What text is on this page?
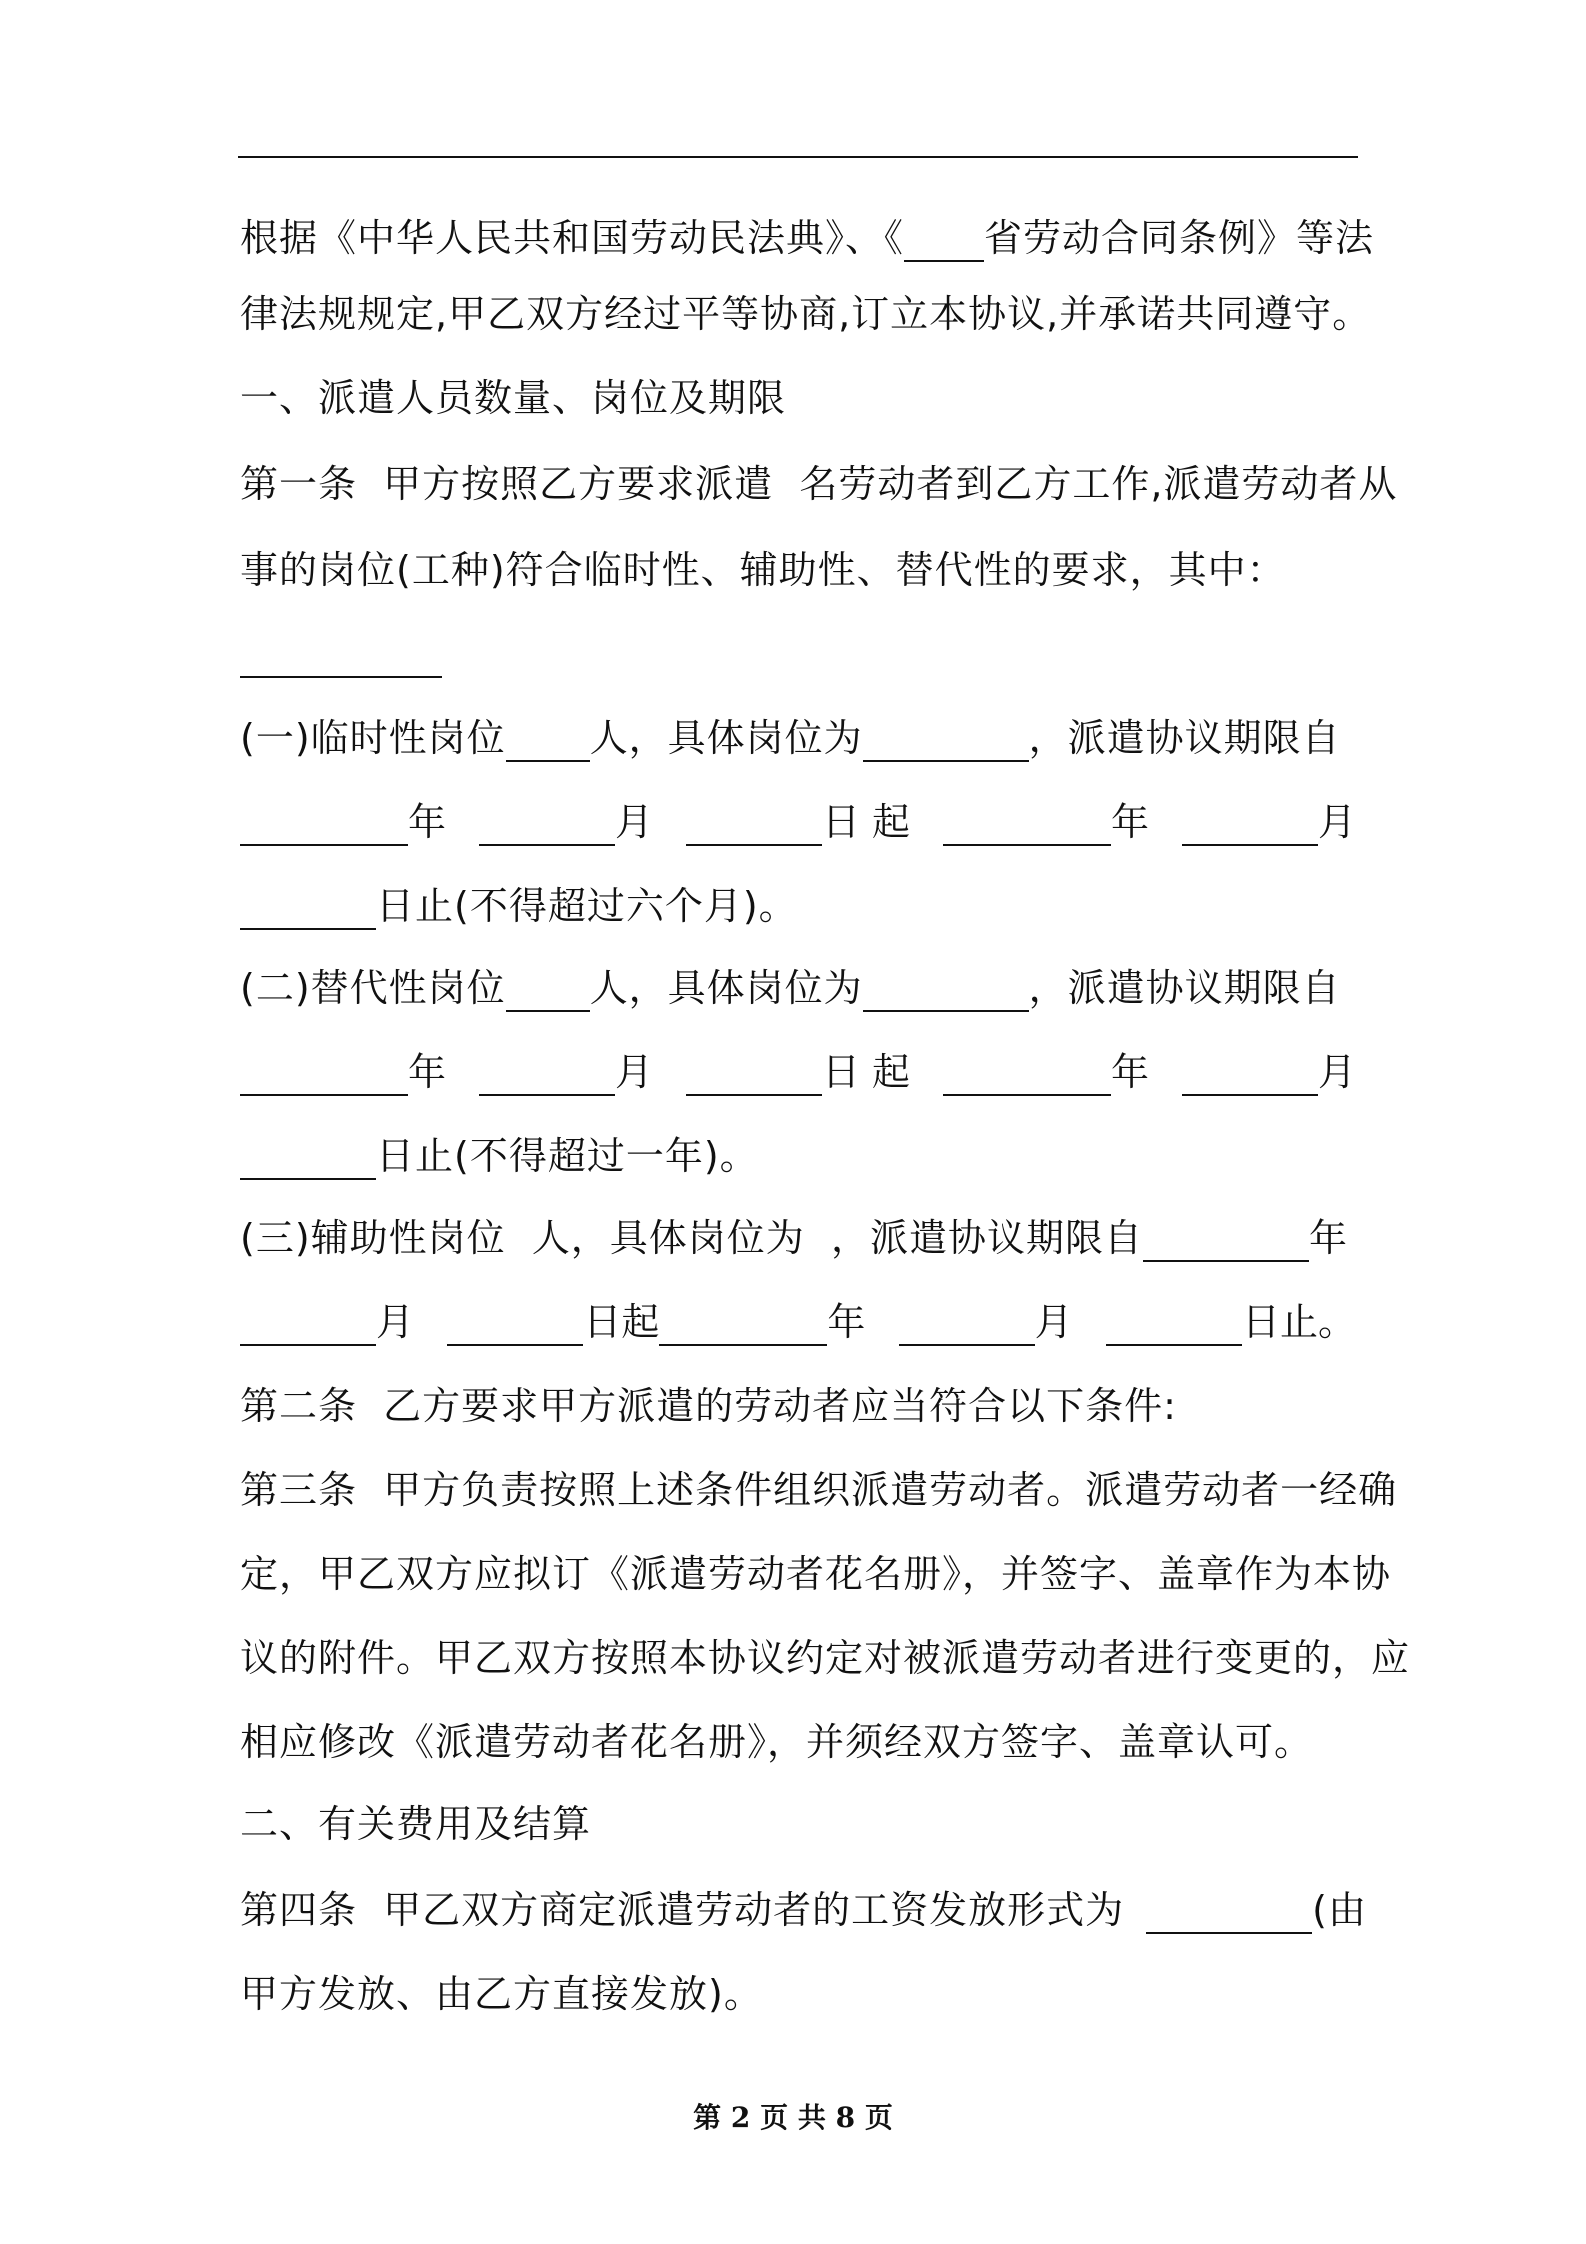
根据《中华人民共和国劳动民法典》、《 省劳动合同条例》等法
律法规规定,甲乙双方经过平等协商,订立本协议,并承诺共同遵守。
一、派遣人员数量、岗位及期限
第一条  甲方按照乙方要求派遣  名劳动者到乙方工作,派遣劳动者从
事的岗位(工种)符合临时性、辅助性、替代性的要求，其中：
(一)临时性岗位 人，具体岗位为	，派遣协议期限自
年	月	日 起	年	月
日止(不得超过六个月)。
(二)替代性岗位 人，具体岗位为	，派遣协议期限自
年	月	日 起	年	月
日止(不得超过一年)。
(三)辅助性岗位  人，具体岗位为  ，派遣协议期限自	年
月	日起	年	月	日止。
第二条  乙方要求甲方派遣的劳动者应当符合以下条件:
第三条  甲方负责按照上述条件组织派遣劳动者。派遣劳动者一经确
定，甲乙双方应拟订《派遣劳动者花名册》，并签字、盖章作为本协
议的附件。甲乙双方按照本协议约定对被派遣劳动者进行变更的，应
相应修改《派遣劳动者花名册》，并须经双方签字、盖章认可。
二、有关费用及结算
第四条  甲乙双方商定派遣劳动者的工资发放形式为	(由
甲方发放、由乙方直接发放)。
第 2 页 共 8 页
